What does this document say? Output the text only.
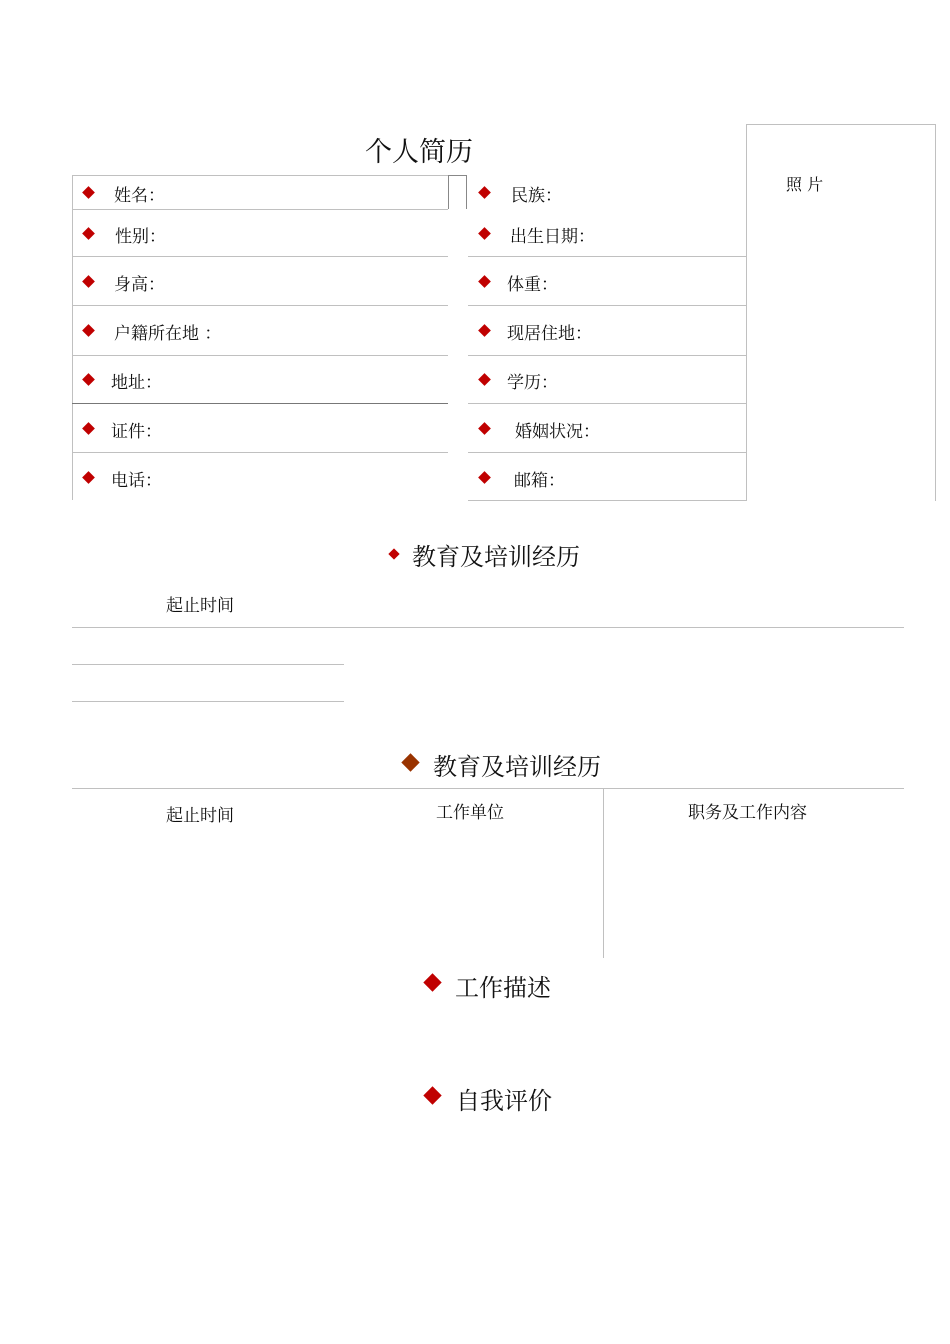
个人简历
照 片
姓名：
性别：
身高：
户籍所在地 ：
地址：
证件：
电话：
民族：
出生日期：
体重：
现居住地：
学历：
婚姻状况：
邮箱：
教育及培训经历
起止时间
教育及培训经历
起止时间	工作单位	职务及工作内容
工作描述
自我评价
